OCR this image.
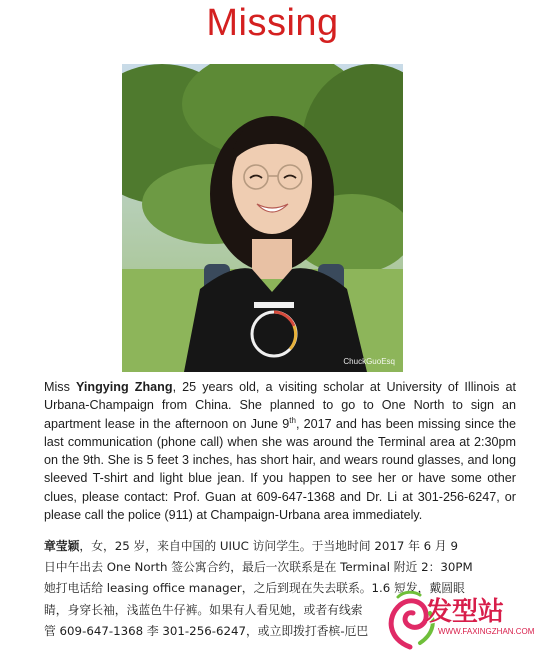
Missing
ChuckGuoEsq
Miss Yingying Zhang, 25 years old, a visiting scholar at University of Illinois at Urbana-Champaign from China. She planned to go to One North to sign an apartment lease in the afternoon on June 9th, 2017 and has been missing since the last communication (phone call) when she was around the Terminal area at 2:30pm on the 9th. She is 5 feet 3 inches, has short hair, and wears round glasses, and long sleeved T-shirt and light blue jean. If you happen to see her or have some other clues, please contact: Prof. Guan at 609-647-1368 and Dr. Li at 301-256-6247, or please call the police (911) at Champaign-Urbana area immediately.
章莹颖，女，25 岁，来自中国的 UIUC 访问学生。于当地时间 2017 年 6 月 9
日中午出去 One North 签公寓合约，最后一次联系是在 Terminal 附近 2：30PM
她打电话给 leasing office manager，之后到现在失去联系。1.6 短发，戴圆眼
睛，身穿长袖，浅蓝色牛仔裤。如果有人看见她，或者有线索
管 609-647-1368 李 301-256-6247，或立即拨打香槟-厄巴
发型站
WWW.FAXINGZHAN.COM
